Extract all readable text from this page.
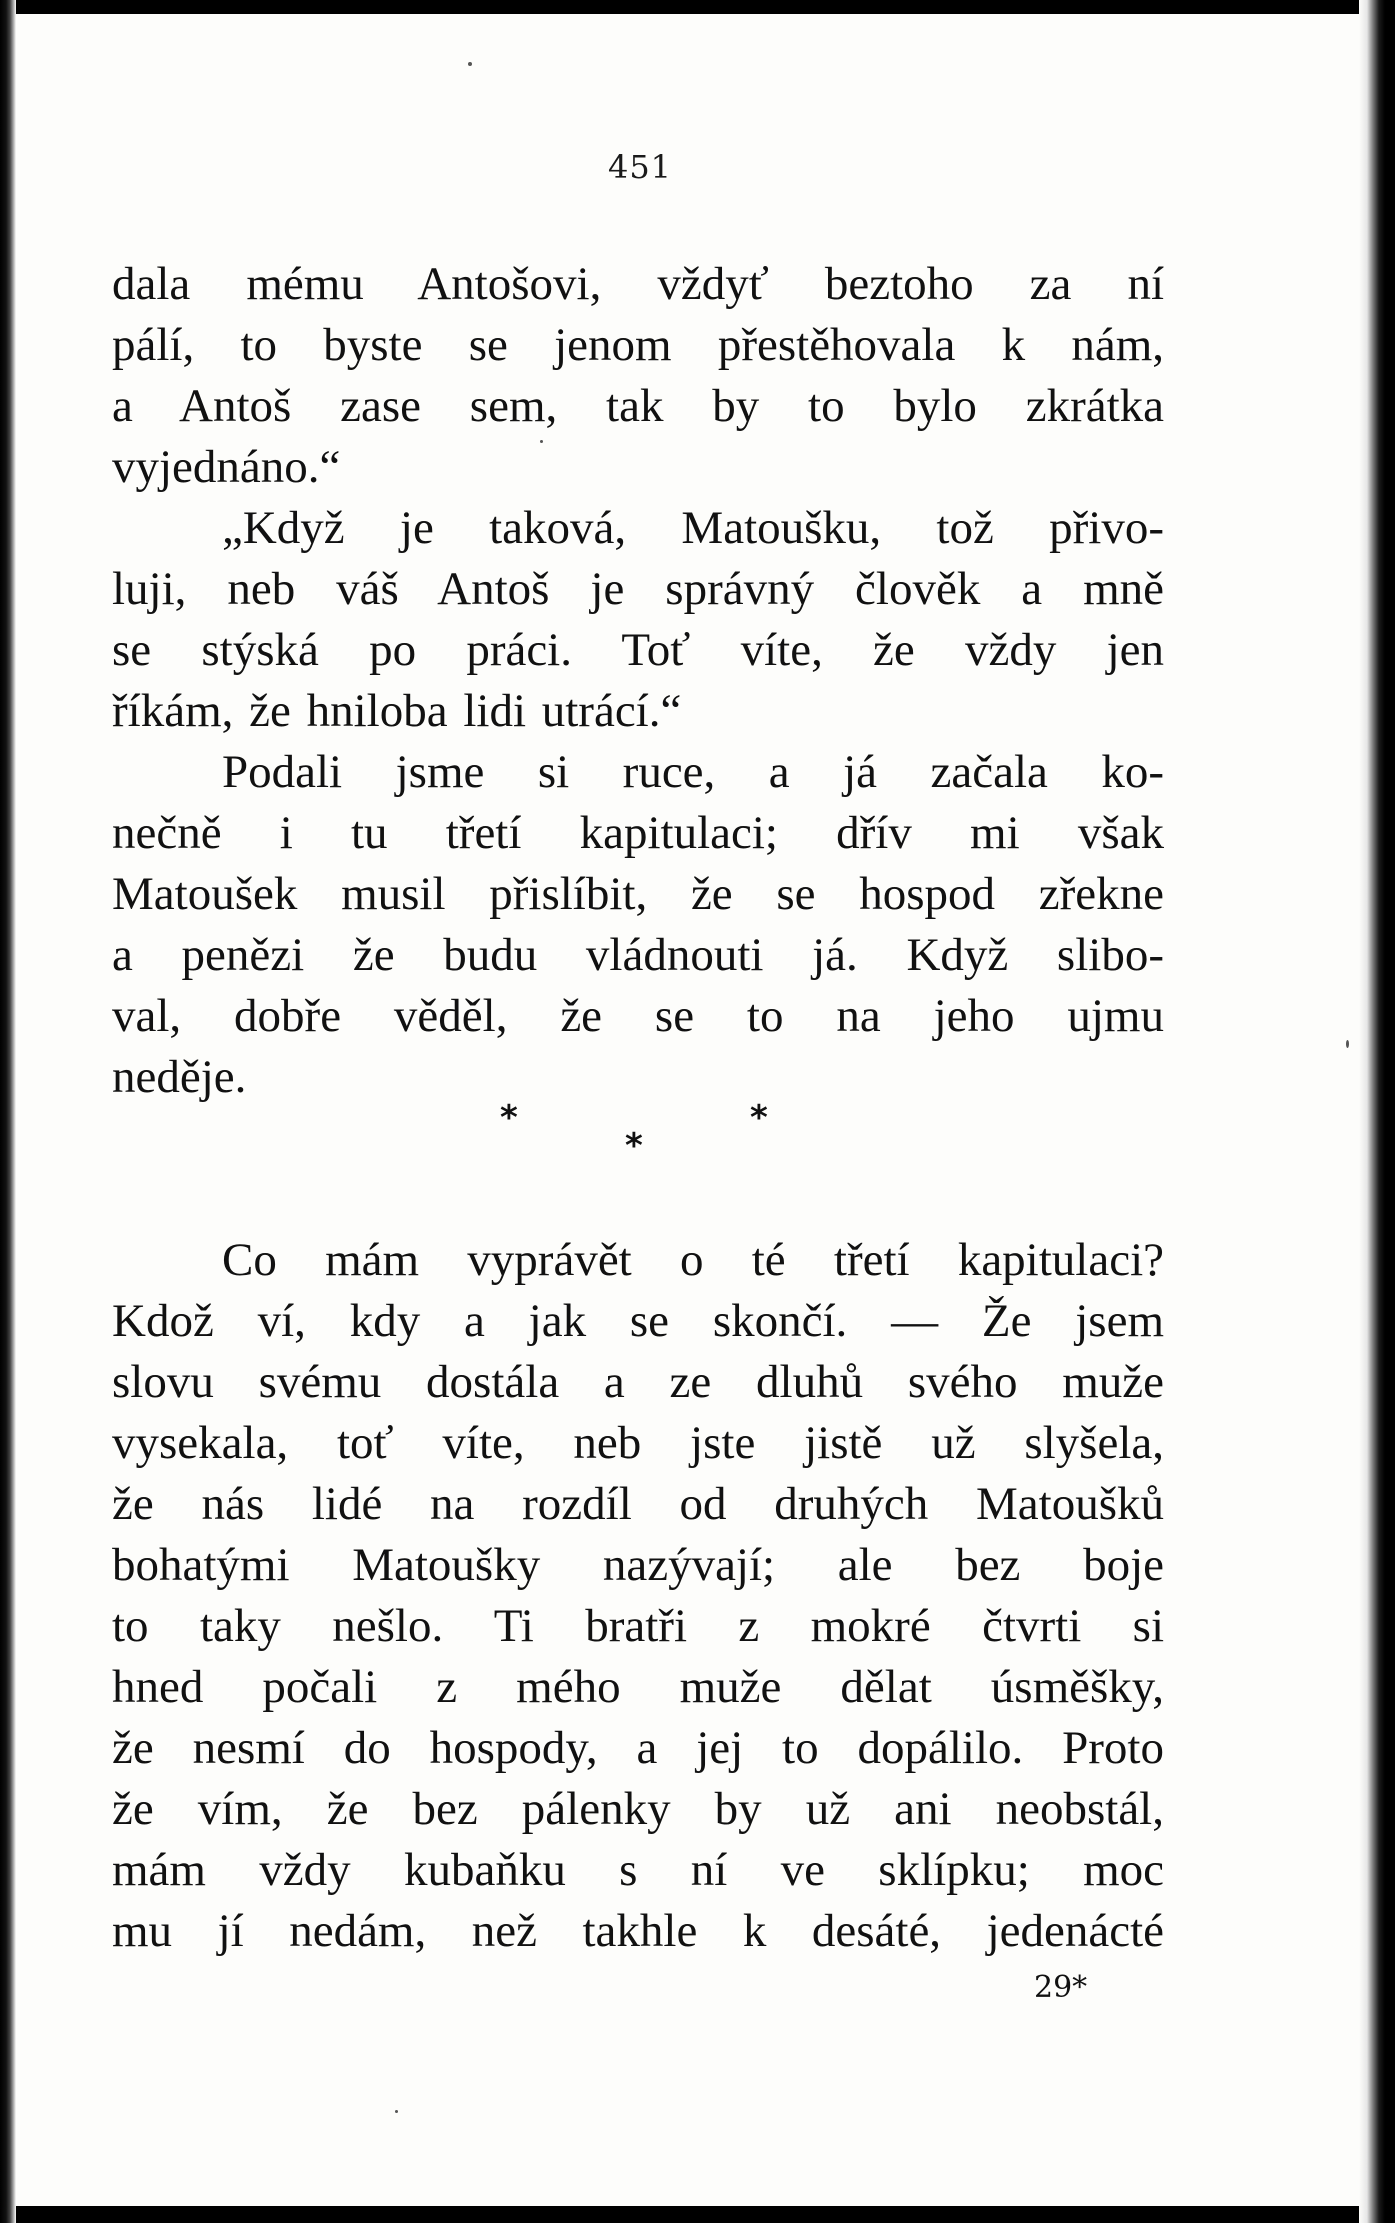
451
dala mému Antošovi, vždyť beztoho za ní
pálí, to byste se jenom přestěhovala k nám,
a Antoš zase sem, tak by to bylo zkrátka
vyjednáno.“
„Když je taková, Matoušku, tož přivo-
luji, neb váš Antoš je správný člověk a mně
se stýská po práci. Toť víte, že vždy jen
říkám, že hniloba lidi utrácí.“
Podali jsme si ruce, a já začala ko-
nečně i tu třetí kapitulaci; dřív mi však
Matoušek musil přislíbit, že se hospod zřekne
a penězi že budu vládnouti já. Když slibo-
val, dobře věděl, že se to na jeho ujmu
neděje.
*
*
*
Co mám vyprávět o té třetí kapitulaci?
Kdož ví, kdy a jak se skončí. — Že jsem
slovu svému dostála a ze dluhů svého muže
vysekala, toť víte, neb jste jistě už slyšela,
že nás lidé na rozdíl od druhých Matoušků
bohatými Matoušky nazývají; ale bez boje
to taky nešlo. Ti bratři z mokré čtvrti si
hned počali z mého muže dělat úsměšky,
že nesmí do hospody, a jej to dopálilo. Proto
že vím, že bez pálenky by už ani neobstál,
mám vždy kubaňku s ní ve sklípku; moc
mu jí nedám, než takhle k desáté, jedenácté
29*
